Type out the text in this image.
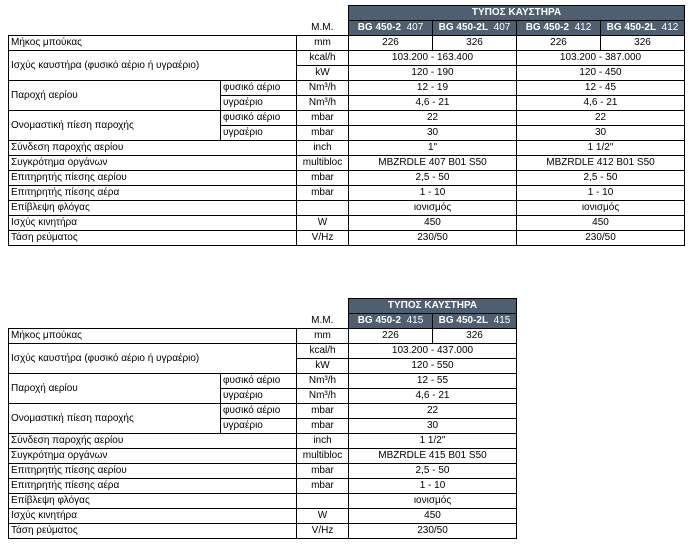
			ΤΥΠΟΣ ΚΑΥΣΤΗΡΑ			
		Μ.Μ.	BG 450-2 407	BG 450-2L 407	BG 450-2 412	BG 450-2L 412
Μήκος μπούκας		mm	226	326	226	326
Ισχύς καυστήρα (φυσικό αέριο ή υγραέριο)		kcal/h	103.200 - 163.400		103.200 - 387.000	
		kW	120 - 190		120 - 450	
Παροχή αερίου	φυσικό αέριο	Nm³/h	12 - 19		12 - 45	
	υγραέριο	Nm³/h	4,6 - 21		4,6 - 21	
Ονομαστική πίεση παροχής	φυσικό αέριο	mbar	22		22	
	υγραέριο	mbar	30		30	
Σύνδεση παροχής αερίου		inch	1"		1 1/2"	
Συγκρότημα οργάνων		multibloc	MBZRDLE 407 B01 S50		MBZRDLE 412 B01 S50	
Επιτηρητής πίεσης αερίου		mbar	2,5 - 50		2,5 - 50	
Επιτηρητής πίεσης αέρα		mbar	1 - 10		1 - 10	
Επίβλεψη φλόγας			ιονισμός		ιονισμός	
Ισχύς κινητήρα		W	450		450	
Τάση ρεύματος		V/Hz	230/50		230/50	
			ΤΥΠΟΣ ΚΑΥΣΤΗΡΑ	
		Μ.Μ.	BG 450-2 415	BG 450-2L 415
Μήκος μπούκας		mm	226	326
Ισχύς καυστήρα (φυσικό αέριο ή υγραέριο)		kcal/h	103.200 - 437.000	
		kW	120 - 550	
Παροχή αερίου	φυσικό αέριο	Nm³/h	12 - 55	
	υγραέριο	Nm³/h	4,6 - 21	
Ονομαστική πίεση παροχής	φυσικό αέριο	mbar	22	
	υγραέριο	mbar	30	
Σύνδεση παροχής αερίου		inch	1 1/2"	
Συγκρότημα οργάνων		multibloc	MBZRDLE 415 B01 S50	
Επιτηρητής πίεσης αερίου		mbar	2,5 - 50	
Επιτηρητής πίεσης αέρα		mbar	1 - 10	
Επίβλεψη φλόγας			ιονισμός	
Ισχύς κινητήρα		W	450	
Τάση ρεύματος		V/Hz	230/50	
